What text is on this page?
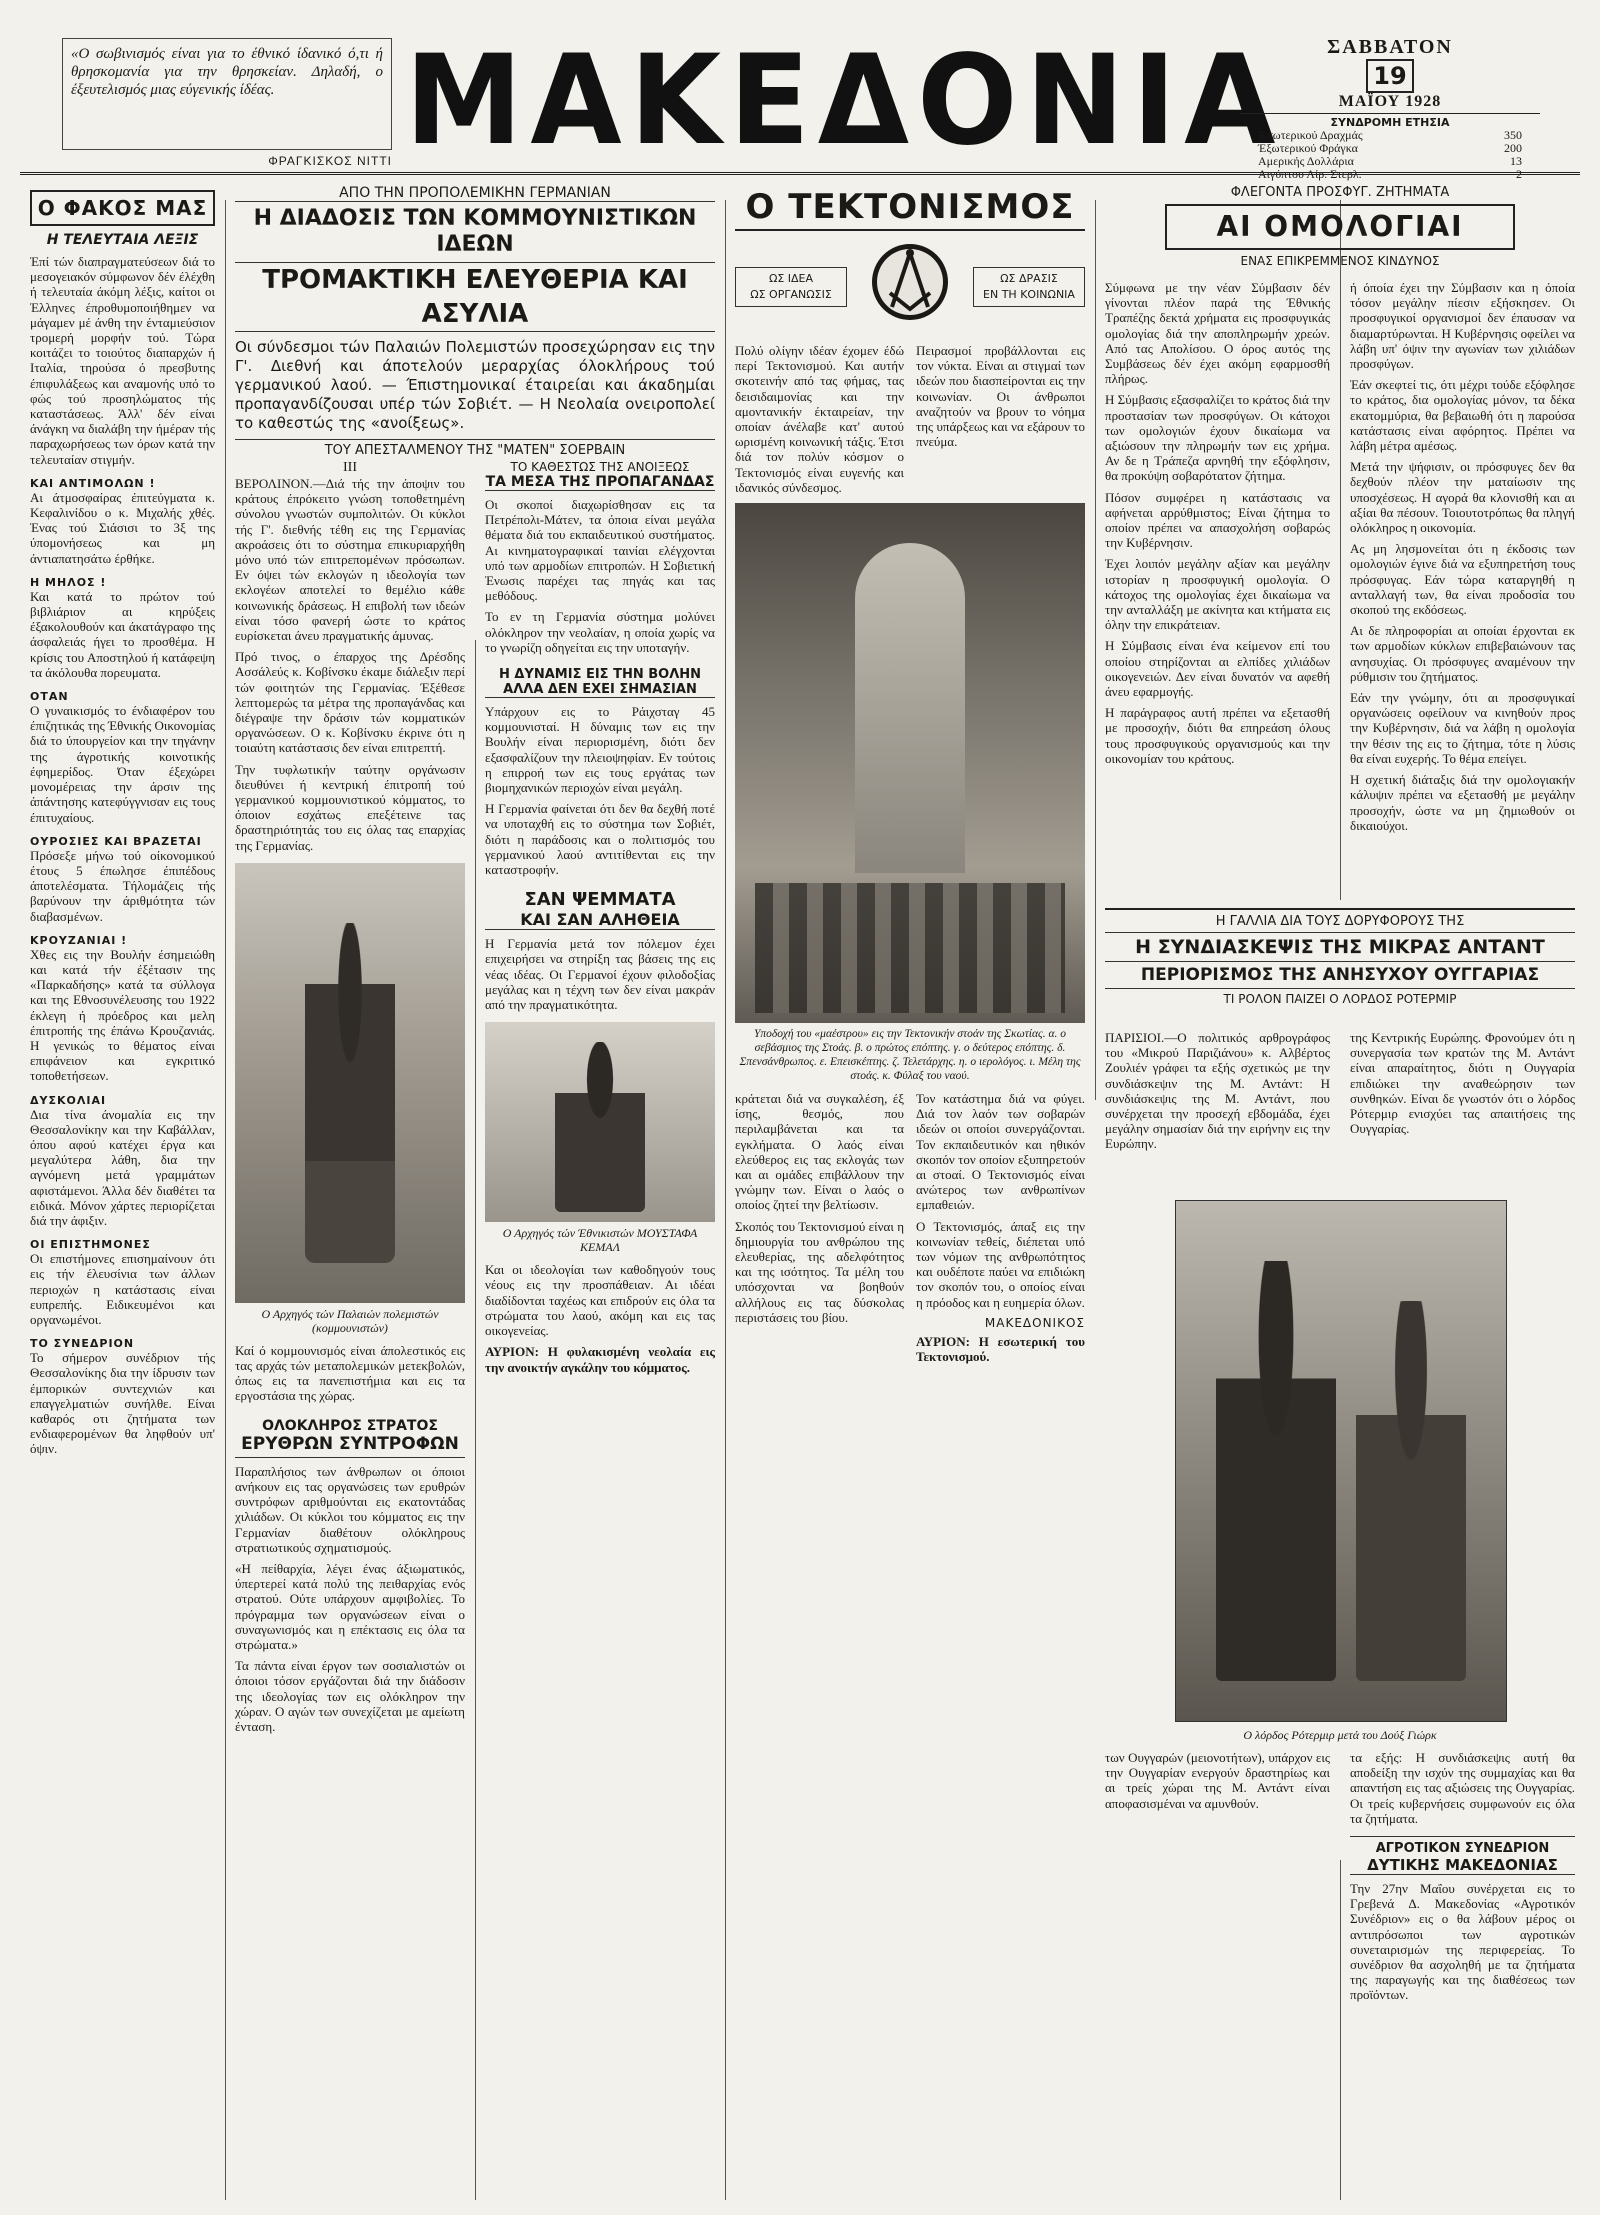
«Ο σωβινισμός είναι για το έθνικό ίδανικό ό,τι ή θρησκομανία για την θρησκείαν. Δηλαδή, ο έξευτελισμός μιας εύγενικής ίδέας.

ΦΡΑΓΚΙΣΚΟΣ ΝΙΤΤΙ ΜΑΚΕΔΟΝΙΑ	ΣΑΒΒΑΤΟΝ
19
ΜΑΪΟΥ 1928
ΣΥΝΔΡΟΜΗ ΕΤΗΣΙΑ
Έσωτερικού Δραχμάς	350
Έξωτερικού Φράγκα	200
Αμερικής Δολλάρια	13
Αιγύπτου Λίρ. Στερλ.	2
Ο ΦΑΚΟΣ ΜΑΣ
Η ΤΕΛΕΥΤΑΙΑ ΛΕΞΙΣ

Έπί τών διαπραγματεύσεων διά το μεσογειακόν σύμφωνον δέν έλέχθη ή τελευταία άκόμη λέξις, καίτοι οι Έλληνες έπροθυμοποιήθημεν να μάγαμεν μέ άνθη την ένταμιεύσιον τρομερή μορφήν τού. Τώρα κοιτάζει το τοιούτος διαπαρχών ή Ιταλία, τηρούσα ό πρεσβυτης έπιφυλάξεως και αναμονής υπό το φώς τού προσηλώματος τής καταστάσεως. Άλλ' δέν είναι άνάγκη να διαλάβη την ήμέραν τής παραχωρήσεως των όρων κατά την τελευταίαν στιγμήν.

ΚΑΙ ΑΝΤΙΜΟΛΩΝ !

Αι άτμοσφαίρας έπιτεύγματα κ. Κεφαλινίδου ο κ. Μιχαλής χθές. Ένας τού Σιάσισι το 3ξ της ύπομονήσεως και μη άντιαπατησάτω έρθήκε.

Η ΜΗΛΟΣ !

Και κατά το πρώτον τού βιβλιάριον αι κηρύξεις έξακολουθούν και άκατάγραφο της άσφαλειάς ήγει το προσθέμα. Η κρίσις του Αποστηλού ή κατάφεψη τα άκόλουθα πορευματα.

ΟΤΑΝ

Ο γυναικισμός το ένδιαφέρον του έπιζητικάς της Έθνικής Οικονομίας διά το ύπουργείον και την τηγάνην της άγροτικής κοινοτικής έφημερίδος. Όταν έξεχώρει μονομέρειας την άρσιν της άπάντησης κατεφύγγνισαν εις τους έπιτυχαίους.

ΟΥΡΟΣΙΕΣ ΚΑΙ ΒΡΑΖΕΤΑΙ

Πρόσεξε μήνω τού οίκονομικού έτους 5 έπωλησε έπιπέδους άποτελέσματα. Τήλομάζεις τής βαρύνουν την άριθμότητα τών διαβασμένων.

ΚΡΟΥΖΑΝΙΑΙ !

Χθες εις την Βουλήν έσημειώθη και κατά τήν έξέτασιν της «Παρκαδήσης» κατά τα σύλλογα και της Εθνοσυνέλευσης του 1922 έκλεγη ή πρόεδρος και μελη έπιτροπής της έπάνω Κρουζανιάς. Η γενικώς το θέματος είναι επιφάνειον και εγκριτικό τοποθετήσεων.

ΔΥΣΚΟΛΙΑΙ

Δια τίνα άνομαλία εις την Θεσσαλονίκην και την Καβάλλαν, όπου αφού κατέχει έργα και μεγαλύτερα λάθη, δια την αγνόμενη μετά γραμμάτων αφιστάμενοι. Άλλα δέν διαθέτει τα ειδικά. Μόνον χάρτες περιορίζεται διά την άφιξιν.

ΟΙ ΕΠΙΣΤΗΜΟΝΕΣ

Οι επιστήμονες επισημαίνουν ότι εις τήν έλευσίνια των άλλων περιοχών η κατάστασις είναι ευπρεπής. Ειδικευμένοι και οργανωμένοι.

ΤΟ ΣΥΝΕΔΡΙΟΝ

Το σήμερον συνέδριον τής Θεσσαλονίκης δια την ίδρυσιν των έμπορικών συντεχνιών και επαγγελματιών συνήλθε. Είναι καθαρός οτι ζητήματα των ενδιαφερομένων θα ληφθούν υπ' όψιν.

ΑΠΟ ΤΗΝ ΠΡΟΠΟΛΕΜΙΚΗΝ ΓΕΡΜΑΝΙΑΝ
Η ΔΙΑΔΟΣΙΣ ΤΩΝ ΚΟΜΜΟΥΝΙΣΤΙΚΩΝ ΙΔΕΩΝ
ΤΡΟΜΑΚΤΙΚΗ ΕΛΕΥΘΕΡΙΑ ΚΑΙ ΑΣΥΛΙΑ

Οι σύνδεσμοι τών Παλαιών Πολεμιστών προσεχώρησαν εις την Γ'. Διεθνή και άποτελούν μεραρχίας όλοκλήρους τού γερμανικού λαού. — Έπιστημονικαί έταιρείαι και άκαδημίαι προπαγανδίζουσαι υπέρ τών Σοβιέτ. — Η Νεολαία ονειροπολεί το καθεστώς της «ανοίξεως».

ΤΟΥ ΑΠΕΣΤΑΛΜΕΝΟΥ ΤΗΣ "ΜΑΤΕΝ" ΣΟΕΡΒΑΙΝ
III

ΒΕΡΟΛΙΝΟΝ.—Διά τής την άποψιν του κράτους έπρόκειτο γνώση τοποθετημένη σύνολου γνωστών συμπολιτών. Οι κύκλοι τής Γ'. διεθνής τέθη εις της Γερμανίας ακροάσεις ότι το σύστημα επικυριαρχήθη μόνο υπό τών επιτρεπομένων πρόσωπων. Εν όψει τών εκλογών η ιδεολογία των εκλογέων αποτελεί το θεμέλιο κάθε κοινωνικής δράσεως. Η επιβολή των ιδεών είναι τόσο φανερή ώστε το κράτος ευρίσκεται άνευ πραγματικής άμυνας.

Πρό τινος, ο έπαρχος της Δρέσδης Ασσάλεύς κ. Κοβίνσκυ έκαμε διάλεξιν περί τών φοιτητών της Γερμανίας. Έξέθεσε λεπτομερώς τα μέτρα της προπαγάνδας και διέγραψε την δράσιν τών κομματικών οργανώσεων. Ο κ. Κοβίνσκυ έκρινε ότι η τοιαύτη κατάστασις δεν είναι επιτρεπτή.

Την τυφλωτικήν ταύτην οργάνωσιν διευθύνει ή κεντρική έπιτροπή τού γερμανικού κομμουνιστικού κόμματος, το όποιον εσχάτως επεξέτεινε τας δραστηριότητάς του εις όλας τας επαρχίας της Γερμανίας.

Ο Αρχηγός τών Παλαιών πολεμιστών (κομμουνιστών)

Καί ό κομμουνισμός είναι άπολεστικός εις τας αρχάς τών μεταπολεμικών μετεκβολών, όπως εις τα πανεπιστήμια και εις τα εργοστάσια της χώρας.

ΟΛΟΚΛΗΡΟΣ ΣΤΡΑΤΟΣ
ΕΡΥΘΡΩΝ ΣΥΝΤΡΟΦΩΝ

Παραπλήσιος των άνθρωπων οι όποιοι ανήκουν εις τας οργανώσεις των ερυθρών συντρόφων αριθμούνται εις εκατοντάδας χιλιάδων. Οι κύκλοι του κόμματος εις την Γερμανίαν διαθέτουν ολόκληρους στρατιωτικούς σχηματισμούς.

«Η πείθαρχία, λέγει ένας άξιωματικός, ύπερτερεί κατά πολύ της πειθαρχίας ενός στρατού. Ούτε υπάρχουν αμφιβολίες. Το πρόγραμμα των οργανώσεων είναι ο συναγωνισμός και η επέκτασις εις όλα τα στρώματα.»

Τα πάντα είναι έργον των σοσιαλιστών οι όποιοι τόσον εργάζονται διά την διάδοσιν της ιδεολογίας των εις ολόκληρον την χώραν. Ο αγών των συνεχίζεται με αμείωτη ένταση.

ΤΟ ΚΑΘΕΣΤΩΣ ΤΗΣ ΑΝΟΙΞΕΩΣ
ΤΑ ΜΕΣΑ ΤΗΣ ΠΡΟΠΑΓΑΝΔΑΣ

Οι σκοποί διαχωρίσθησαν εις τα Πετρέπολι-Μάτεν, τα όποια είναι μεγάλα θέματα διά του εκπαιδευτικού συστήματος. Αι κινηματογραφικαί ταινίαι ελέγχονται υπό των αρμοδίων επιτροπών. Η Σοβιετική Ένωσις παρέχει τας πηγάς και τας μεθόδους.

Το εν τη Γερμανία σύστημα μολύνει ολόκληρον την νεολαίαν, η οποία χωρίς να το γνωρίζη οδηγείται εις την υποταγήν.

Η ΔΥΝΑΜΙΣ ΕΙΣ ΤΗΝ ΒΟΛΗΝ
ΑΛΛΑ ΔΕΝ ΕΧΕΙ ΣΗΜΑΣΙΑΝ

Υπάρχουν εις το Ράιχσταγ 45 κομμουνισταί. Η δύναμις των εις την Βουλήν είναι περιορισμένη, διότι δεν εξασφαλίζουν την πλειοψηφίαν. Εν τούτοις η επιρροή των εις τους εργάτας των βιομηχανικών περιοχών είναι μεγάλη.

Η Γερμανία φαίνεται ότι δεν θα δεχθή ποτέ να υποταχθή εις το σύστημα των Σοβιέτ, διότι η παράδοσις και ο πολιτισμός του γερμανικού λαού αντιτίθενται εις την καταστροφήν.

ΣΑΝ ΨΕΜΜΑΤΑ
ΚΑΙ ΣΑΝ ΑΛΗΘΕΙΑ

Η Γερμανία μετά τον πόλεμον έχει επιχειρήσει να στηρίξη τας βάσεις της εις νέας ιδέας. Οι Γερμανοί έχουν φιλοδοξίας μεγάλας και η τέχνη των δεν είναι μακράν από την πραγματικότητα.

Ο Αρχηγός τών Έθνικιστών ΜΟΥΣΤΑΦΑ ΚΕΜΑΛ

Και οι ιδεολογίαι των καθοδηγούν τους νέους εις την προσπάθειαν. Αι ιδέαι διαδίδονται ταχέως και επιδρούν εις όλα τα στρώματα του λαού, ακόμη και εις τας οικογενείας.

ΑΥΡΙΟΝ: Η φυλακισμένη νεολαία εις την ανοικτήν αγκάλην του κόμματος.

Ο ΤΕΚΤΟΝΙΣΜΟΣ
ΩΣ ΙΔΕΑ
ΩΣ ΟΡΓΑΝΩΣΙΣ
ΩΣ ΔΡΑΣΙΣ
ΕΝ ΤΗ ΚΟΙΝΩΝΙΑ

Πολύ ολίγην ιδέαν έχομεν έδώ περί Τεκτονισμού. Και αυτήν σκοτεινήν από τας φήμας, τας δεισιδαιμονίας και την αμοντανικήν έκταιρείαν, την οποίαν άνέλαβε κατ' αυτού ωρισμένη κοινωνική τάξις. Έτσι διά τον πολύν κόσμον ο Τεκτονισμός είναι ευγενής και ιδανικός σύνδεσμος.

Πειρασμοί προβάλλονται εις τον νύκτα. Είναι αι στιγμαί των ιδεών που διασπείρονται εις την κοινωνίαν. Οι άνθρωποι αναζητούν να βρουν το νόημα της υπάρξεως και να εξάρουν το πνεύμα.

Υποδοχή του «μαέστρου» εις την Τεκτονικήν στοάν της Σκωτίας. α. ο σεβάσμιος της Στοάς. β. ο πρώτος επόπτης. γ. ο δεύτερος επόπτης. δ. Σπενσάνθρωπος. ε. Επεισκέπτης. ζ. Τελετάρχης. η. ο ιερολόγος. ι. Μέλη της στοάς. κ. Φύλαξ του ναού.

κράτεται διά να συγκαλέση, έξ ίσης, θεσμός, που περιλαμβάνεται και τα εγκλήματα. Ο λαός είναι ελεύθερος εις τας εκλογάς των και αι ομάδες επιβάλλουν την γνώμην των. Είναι ο λαός ο οποίος ζητεί την βελτίωσιν.

Σκοπός του Τεκτονισμού είναι η δημιουργία του ανθρώπου της ελευθερίας, της αδελφότητος και της ισότητος. Τα μέλη του υπόσχονται να βοηθούν αλλήλους εις τας δύσκολας περιστάσεις του βίου.

Τον κατάστημα διά να φύγει. Διά τον λαόν των σοβαρών ιδεών οι οποίοι συνεργάζονται. Τον εκπαιδευτικόν και ηθικόν σκοπόν τον οποίον εξυπηρετούν αι στοαί. Ο Τεκτονισμός είναι ανώτερος των ανθρωπίνων εμπαθειών.

Ο Τεκτονισμός, άπαξ εις την κοινωνίαν τεθείς, διέπεται υπό των νόμων της ανθρωπότητος και ουδέποτε παύει να επιδιώκη τον σκοπόν του, ο οποίος είναι η πρόοδος και η ευημερία όλων.

ΜΑΚΕΔΟΝΙΚΟΣ

ΑΥΡΙΟΝ: Η εσωτερική του Τεκτονισμού.

ΦΛΕΓΟΝΤΑ ΠΡΟΣΦΥΓ. ΖΗΤΗΜΑΤΑ
ΑΙ ΟΜΟΛΟΓΙΑΙ
ΕΝΑΣ ΕΠΙΚΡΕΜΜΕΝΟΣ ΚΙΝΔΥΝΟΣ

Σύμφωνα με την νέαν Σύμβασιν δέν γίνονται πλέον παρά της Έθνικής Τραπέζης δεκτά χρήματα εις προσφυγικάς ομολογίας διά την αποπληρωμήν χρεών. Από τας Απολίσου. Ο όρος αυτός της Συμβάσεως δέν έχει ακόμη εφαρμοσθή πλήρως.

Η Σύμβασις εξασφαλίζει το κράτος διά την προστασίαν των προσφύγων. Οι κάτοχοι των ομολογιών έχουν δικαίωμα να αξιώσουν την πληρωμήν των εις χρήμα. Αν δε η Τράπεζα αρνηθή την εξόφλησιν, θα προκύψη σοβαρότατον ζήτημα.

Πόσον συμφέρει η κατάστασις να αφήνεται αρρύθμιστος; Είναι ζήτημα το οποίον πρέπει να απασχολήση σοβαρώς την Κυβέρνησιν.

Έχει λοιπόν μεγάλην αξίαν και μεγάλην ιστορίαν η προσφυγική ομολογία. Ο κάτοχος της ομολογίας έχει δικαίωμα να την ανταλλάξη με ακίνητα και κτήματα εις όλην την επικράτειαν.

Η Σύμβασις είναι ένα κείμενον επί του οποίου στηρίζονται αι ελπίδες χιλιάδων οικογενειών. Δεν είναι δυνατόν να αφεθή άνευ εφαρμογής.

Η παράγραφος αυτή πρέπει να εξετασθή με προσοχήν, διότι θα επηρεάση όλους τους προσφυγικούς οργανισμούς και την οικονομίαν του κράτους.

ή όποία έχει την Σύμβασιν και η όποία τόσον μεγάλην πίεσιν εξήσκησεν. Οι προσφυγικοί οργανισμοί δεν έπαυσαν να διαμαρτύρωνται. Η Κυβέρνησις οφείλει να λάβη υπ' όψιν την αγωνίαν των χιλιάδων προσφύγων.

Έάν σκεφτεί τις, ότι μέχρι τούδε εξόφλησε το κράτος, δια ομολογίας μόνον, τα δέκα εκατομμύρια, θα βεβαιωθή ότι η παρούσα κατάστασις είναι αφόρητος. Πρέπει να λάβη μέτρα αμέσως.

Μετά την ψήφισιν, οι πρόσφυγες δεν θα δεχθούν πλέον την ματαίωσιν της υποσχέσεως. Η αγορά θα κλονισθή και αι αξίαι θα πέσουν. Τοιουτοτρόπως θα πληγή ολόκληρος η οικονομία.

Ας μη λησμονείται ότι η έκδοσις των ομολογιών έγινε διά να εξυπηρετήση τους πρόσφυγας. Εάν τώρα καταργηθή η ανταλλαγή των, θα είναι προδοσία του σκοπού της εκδόσεως.

Αι δε πληροφορίαι αι οποίαι έρχονται εκ των αρμοδίων κύκλων επιβεβαιώνουν τας ανησυχίας. Οι πρόσφυγες αναμένουν την ρύθμισιν του ζητήματος.

Εάν την γνώμην, ότι αι προσφυγικαί οργανώσεις οφείλουν να κινηθούν προς την Κυβέρνησιν, διά να λάβη η ομολογία την θέσιν της εις το ζήτημα, τότε η λύσις θα είναι ευχερής. Το θέμα επείγει.

Η σχετική διάταξις διά την ομολογιακήν κάλυψιν πρέπει να εξετασθή με μεγάλην προσοχήν, ώστε να μη ζημιωθούν οι δικαιούχοι.

Η ΓΑΛΛΙΑ ΔΙΑ ΤΟΥΣ ΔΟΡΥΦΟΡΟΥΣ ΤΗΣ
Η ΣΥΝΔΙΑΣΚΕΨΙΣ ΤΗΣ ΜΙΚΡΑΣ ΑΝΤΑΝΤ
ΠΕΡΙΟΡΙΣΜΟΣ ΤΗΣ ΑΝΗΣΥΧΟΥ ΟΥΓΓΑΡΙΑΣ
ΤΙ ΡΟΛΟΝ ΠΑΙΖΕΙ Ο ΛΟΡΔΟΣ ΡΟΤΕΡΜΙΡ

ΠΑΡΙΣΙΟΙ.—Ο πολιτικός αρθρογράφος του «Μικρού Παριζιάνου» κ. Αλβέρτος Ζουλιέν γράφει τα εξής σχετικώς με την συνδιάσκεψιν της Μ. Αντάντ: Η συνδιάσκεψις της Μ. Αντάντ, που συνέρχεται την προσεχή εβδομάδα, έχει μεγάλην σημασίαν διά την ειρήνην εις την Ευρώπην.

της Κεντρικής Ευρώπης. Φρονούμεν ότι η συνεργασία των κρατών της Μ. Αντάντ είναι απαραίτητος, διότι η Ουγγαρία επιδιώκει την αναθεώρησιν των συνθηκών. Είναι δε γνωστόν ότι ο λόρδος Ρότερμιρ ενισχύει τας απαιτήσεις της Ουγγαρίας.

Ο λόρδος Ρότερμιρ μετά του Δούξ Γιώρκ

των Ουγγαρών (μειονοτήτων), υπάρχον εις την Ουγγαρίαν ενεργούν δραστηρίως και αι τρείς χώραι της Μ. Αντάντ είναι αποφασισμέναι να αμυνθούν.

τα εξής: Η συνδιάσκεψις αυτή θα αποδείξη την ισχύν της συμμαχίας και θα απαντήση εις τας αξιώσεις της Ουγγαρίας. Οι τρείς κυβερνήσεις συμφωνούν εις όλα τα ζητήματα.

ΑΓΡΟΤΙΚΟΝ ΣΥΝΕΔΡΙΟΝ
ΔΥΤΙΚΗΣ ΜΑΚΕΔΟΝΙΑΣ

Την 27ην Μαΐου συνέρχεται εις το Γρεβενά Δ. Μακεδονίας «Αγροτικόν Συνέδριον» εις ο θα λάβουν μέρος οι αντιπρόσωποι των αγροτικών συνεταιρισμών της περιφερείας. Το συνέδριον θα ασχοληθή με τα ζητήματα της παραγωγής και της διαθέσεως των προϊόντων.
